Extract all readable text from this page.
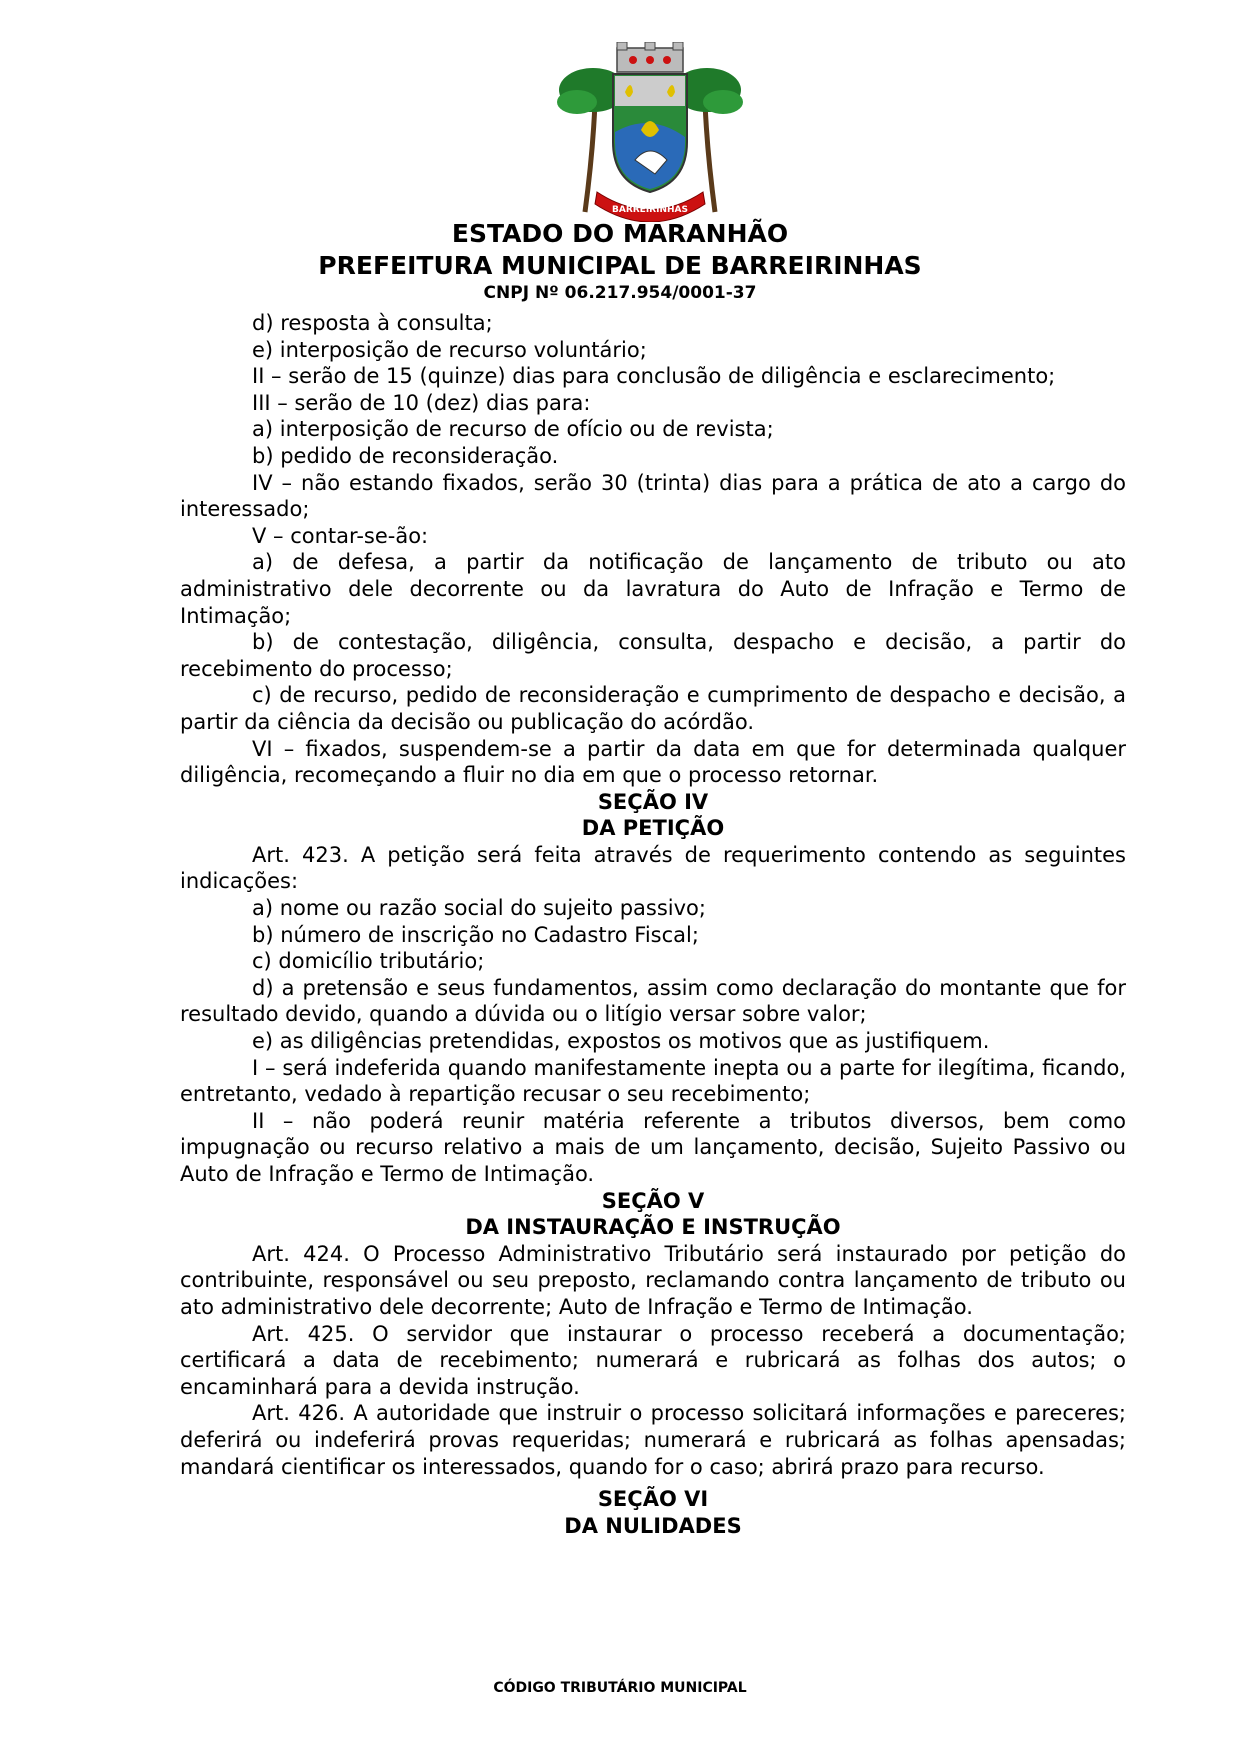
BARREIRINHAS
ESTADO DO MARANHÃO
PREFEITURA MUNICIPAL DE BARREIRINHAS
CNPJ Nº 06.217.954/0001-37

d) resposta à consulta;

e) interposição de recurso voluntário;

II – serão de 15 (quinze) dias para conclusão de diligência e esclarecimento;

III – serão de 10 (dez) dias para:

a) interposição de recurso de ofício ou de revista;

b) pedido de reconsideração.

IV – não estando fixados, serão 30 (trinta) dias para a prática de ato a cargo do interessado;

V – contar-se-ão:

a) de defesa, a partir da notificação de lançamento de tributo ou ato administrativo dele decorrente ou da lavratura do Auto de Infração e Termo de Intimação;

b) de contestação, diligência, consulta, despacho e decisão, a partir do recebimento do processo;

c) de recurso, pedido de reconsideração e cumprimento de despacho e decisão, a partir da ciência da decisão ou publicação do acórdão.

VI – fixados, suspendem-se a partir da data em que for determinada qualquer diligência, recomeçando a fluir no dia em que o processo retornar.

SEÇÃO IV

DA PETIÇÃO

Art. 423. A petição será feita através de requerimento contendo as seguintes indicações:

a) nome ou razão social do sujeito passivo;

b) número de inscrição no Cadastro Fiscal;

c) domicílio tributário;

d) a pretensão e seus fundamentos, assim como declaração do montante que for resultado devido, quando a dúvida ou o litígio versar sobre valor;

e) as diligências pretendidas, expostos os motivos que as justifiquem.

I – será indeferida quando manifestamente inepta ou a parte for ilegítima, ficando, entretanto, vedado à repartição recusar o seu recebimento;

II – não poderá reunir matéria referente a tributos diversos, bem como impugnação ou recurso relativo a mais de um lançamento, decisão, Sujeito Passivo ou Auto de Infração e Termo de Intimação.

SEÇÃO V

DA INSTAURAÇÃO E INSTRUÇÃO

Art. 424. O Processo Administrativo Tributário será instaurado por petição do contribuinte, responsável ou seu preposto, reclamando contra lançamento de tributo ou ato administrativo dele decorrente; Auto de Infração e Termo de Intimação.

Art. 425. O servidor que instaurar o processo receberá a documentação; certificará a data de recebimento; numerará e rubricará as folhas dos autos; o encaminhará para a devida instrução.

Art. 426. A autoridade que instruir o processo solicitará informações e pareceres; deferirá ou indeferirá provas requeridas; numerará e rubricará as folhas apensadas; mandará cientificar os interessados, quando for o caso; abrirá prazo para recurso.

SEÇÃO VI

DA NULIDADES

CÓDIGO TRIBUTÁRIO MUNICIPAL
